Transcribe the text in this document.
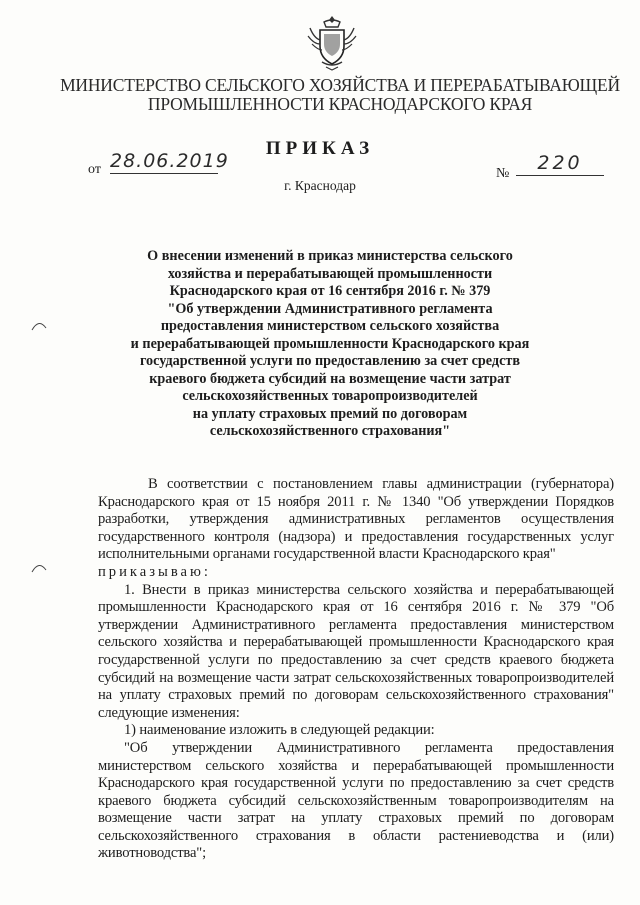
МИНИСТЕРСТВО СЕЛЬСКОГО ХОЗЯЙСТВА И ПЕРЕРАБАТЫВАЮЩЕЙ
ПРОМЫШЛЕННОСТИ КРАСНОДАРСКОГО КРАЯ
ПРИКАЗ
от 28.06.2019
№	220
г. Краснодар
О внесении изменений в приказ министерства сельского
хозяйства и перерабатывающей промышленности
Краснодарского края от 16 сентября 2016 г. № 379
"Об утверждении Административного регламента
предоставления министерством сельского хозяйства
и перерабатывающей промышленности Краснодарского края
государственной услуги по предоставлению за счет средств
краевого бюджета субсидий на возмещение части затрат
сельскохозяйственных товаропроизводителей
на уплату страховых премий по договорам
сельскохозяйственного страхования"

В соответствии с постановлением главы администрации (губернатора) Краснодарского края от 15 ноября 2011 г. № 1340 "Об утверждении Порядков разработки, утверждения административных регламентов осуществления государственного контроля (надзора) и предоставления государственных услуг исполнительными органами государственной власти Краснодарского края"

приказываю:

1. Внести в приказ министерства сельского хозяйства и перерабатывающей промышленности Краснодарского края от 16 сентября 2016 г. № 379 "Об утверждении Административного регламента предоставления министерством сельского хозяйства и перерабатывающей промышленности Краснодарского края государственной услуги по предоставлению за счет средств краевого бюджета субсидий на возмещение части затрат сельскохозяйственных товаропроизводителей на уплату страховых премий по договорам сельскохозяйственного страхования" следующие изменения:

1) наименование изложить в следующей редакции:

"Об утверждении Административного регламента предоставления министерством сельского хозяйства и перерабатывающей промышленности Краснодарского края государственной услуги по предоставлению за счет средств краевого бюджета субсидий сельскохозяйственным товаропроизводителям на возмещение части затрат на уплату страховых премий по договорам сельскохозяйственного страхования в области растениеводства и (или) животноводства";
